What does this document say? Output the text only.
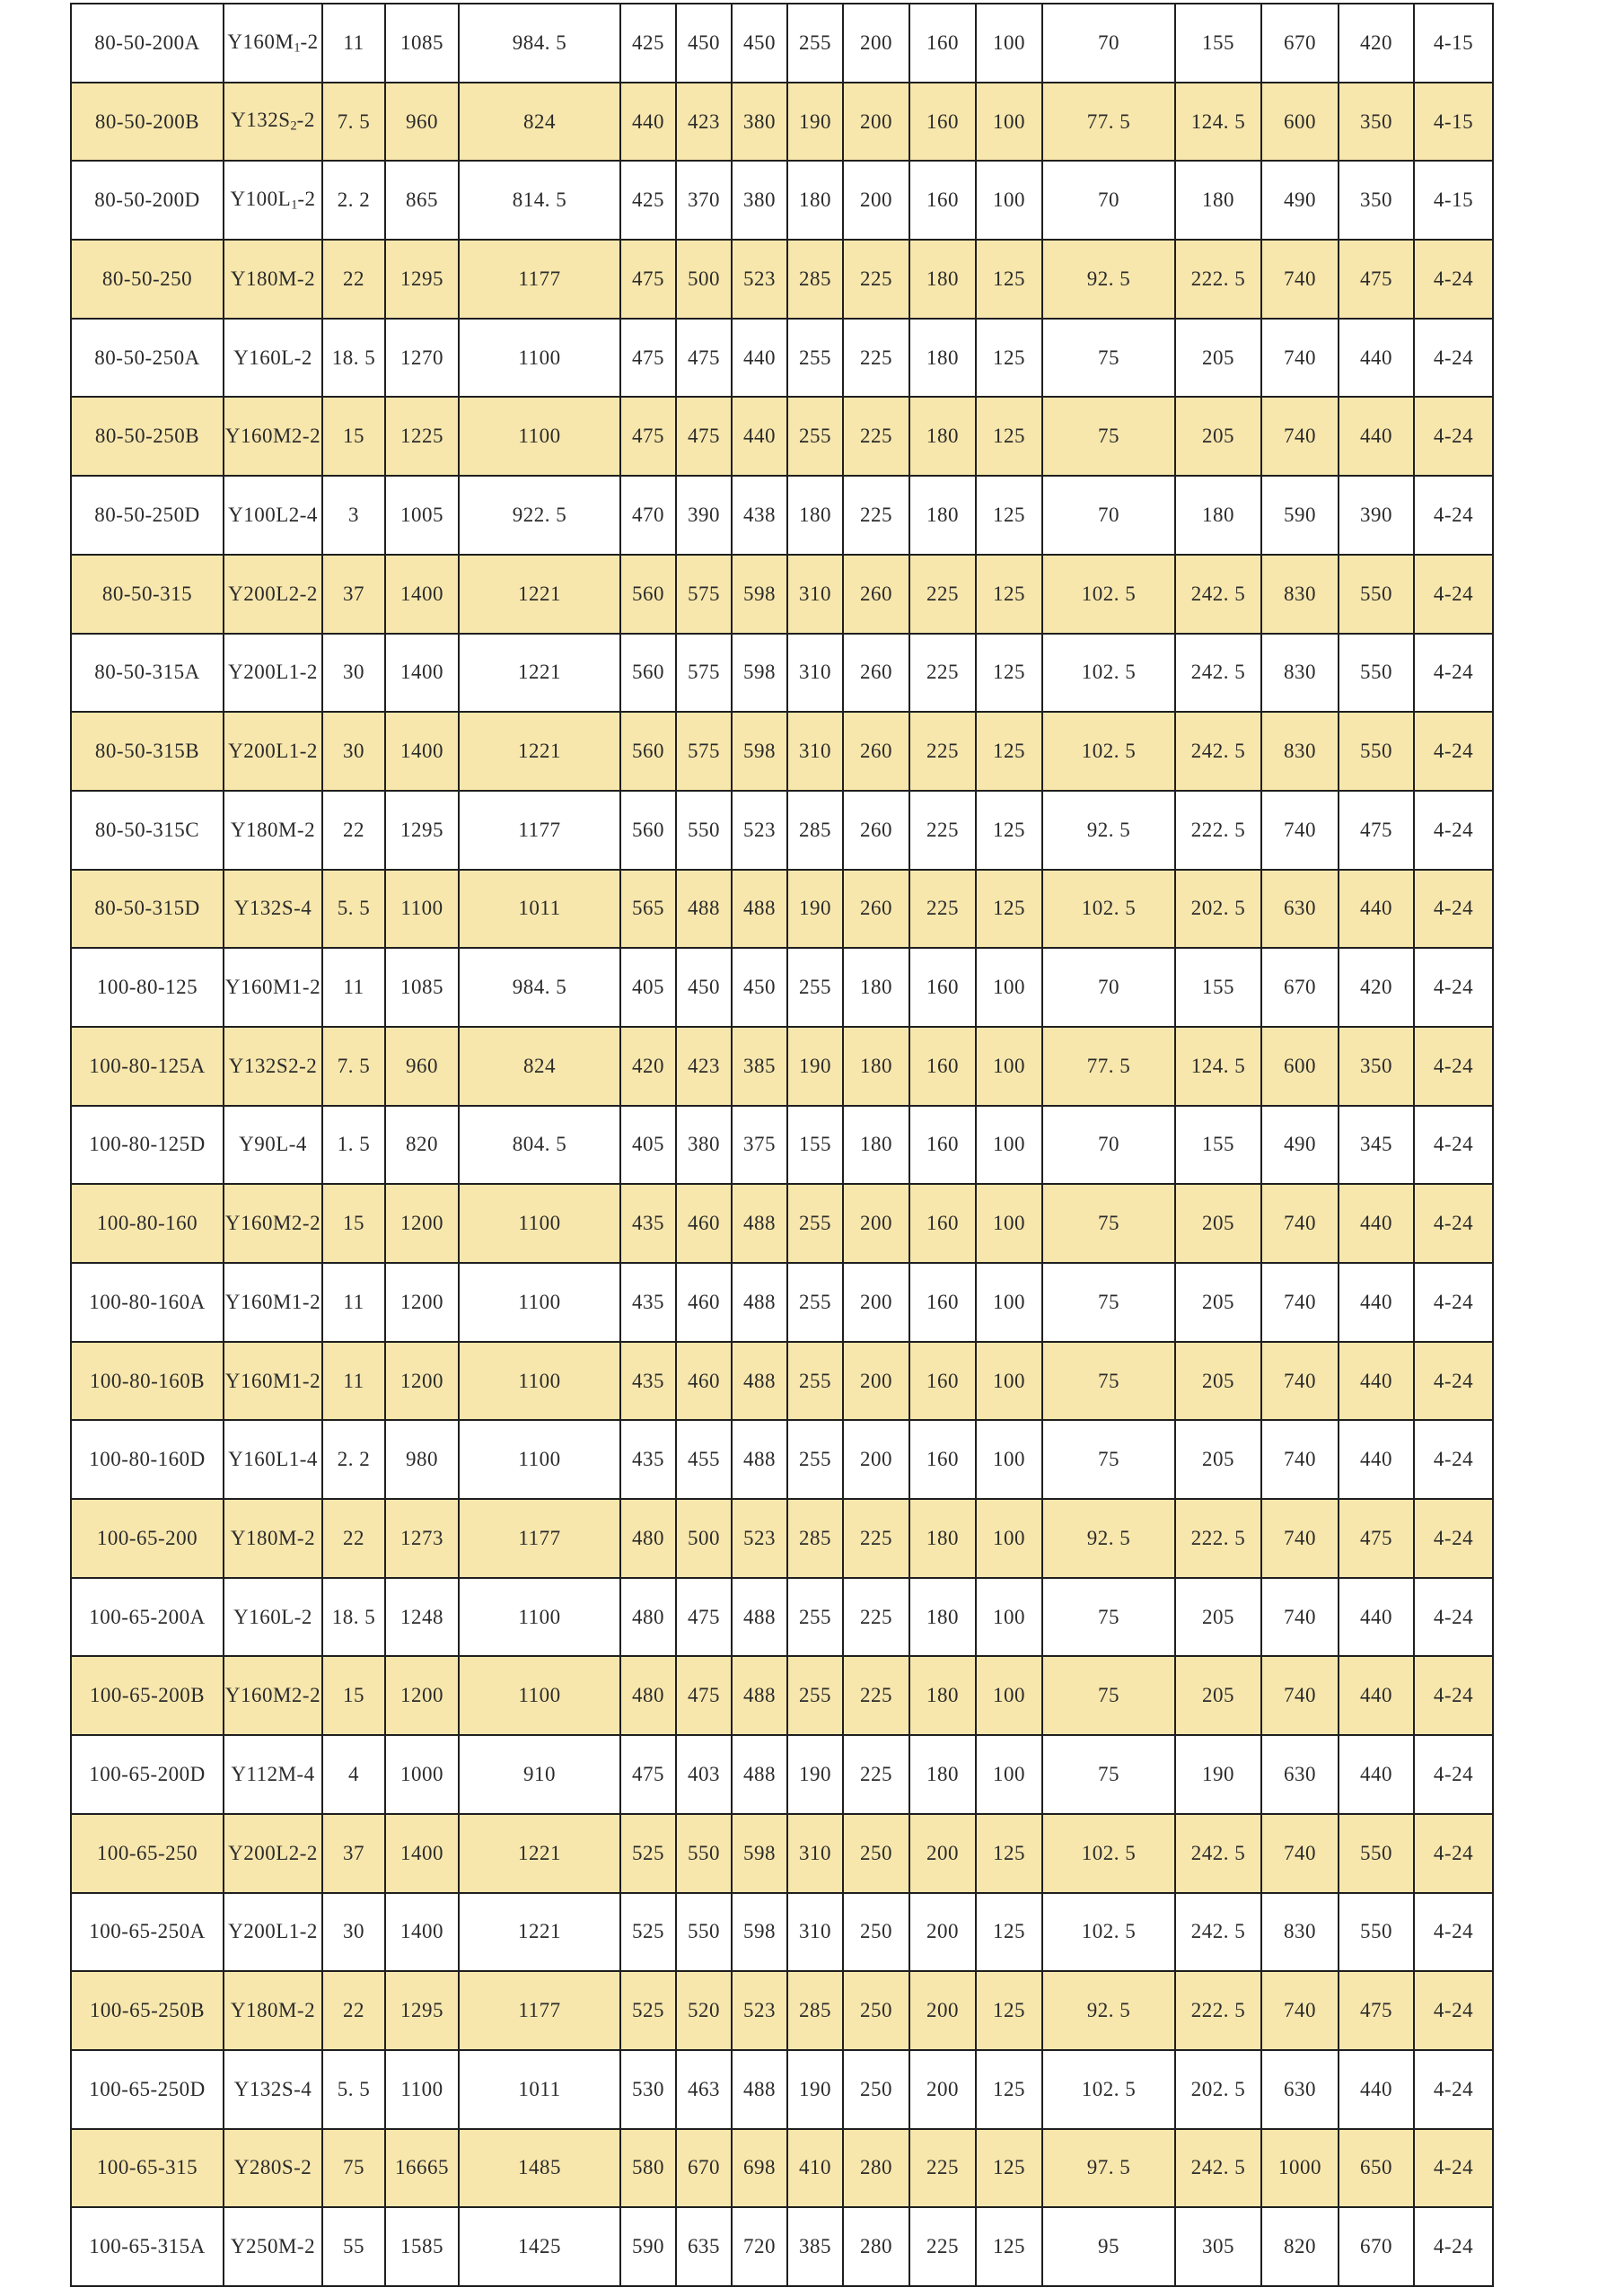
80-50-200A	$Y160M_1-2$	11	1085	984. 5	425	450	450	255	200	160	100	70	155	670	420	4-15
80-50-200B	$Y132S_2-2$	7. 5	960	824	440	423	380	190	200	160	100	77. 5	124. 5	600	350	4-15
80-50-200D	$Y100L_1-2$	2. 2	865	814. 5	425	370	380	180	200	160	100	70	180	490	350	4-15
80-50-250	Y180M-2	22	1295	1177	475	500	523	285	225	180	125	92. 5	222. 5	740	475	4-24
80-50-250A	Y160L-2	18. 5	1270	1100	475	475	440	255	225	180	125	75	205	740	440	4-24
80-50-250B	Y160M2-2	15	1225	1100	475	475	440	255	225	180	125	75	205	740	440	4-24
80-50-250D	Y100L2-4	3	1005	922. 5	470	390	438	180	225	180	125	70	180	590	390	4-24
80-50-315	Y200L2-2	37	1400	1221	560	575	598	310	260	225	125	102. 5	242. 5	830	550	4-24
80-50-315A	Y200L1-2	30	1400	1221	560	575	598	310	260	225	125	102. 5	242. 5	830	550	4-24
80-50-315B	Y200L1-2	30	1400	1221	560	575	598	310	260	225	125	102. 5	242. 5	830	550	4-24
80-50-315C	Y180M-2	22	1295	1177	560	550	523	285	260	225	125	92. 5	222. 5	740	475	4-24
80-50-315D	Y132S-4	5. 5	1100	1011	565	488	488	190	260	225	125	102. 5	202. 5	630	440	4-24
100-80-125	Y160M1-2	11	1085	984. 5	405	450	450	255	180	160	100	70	155	670	420	4-24
100-80-125A	Y132S2-2	7. 5	960	824	420	423	385	190	180	160	100	77. 5	124. 5	600	350	4-24
100-80-125D	Y90L-4	1. 5	820	804. 5	405	380	375	155	180	160	100	70	155	490	345	4-24
100-80-160	Y160M2-2	15	1200	1100	435	460	488	255	200	160	100	75	205	740	440	4-24
100-80-160A	Y160M1-2	11	1200	1100	435	460	488	255	200	160	100	75	205	740	440	4-24
100-80-160B	Y160M1-2	11	1200	1100	435	460	488	255	200	160	100	75	205	740	440	4-24
100-80-160D	Y160L1-4	2. 2	980	1100	435	455	488	255	200	160	100	75	205	740	440	4-24
100-65-200	Y180M-2	22	1273	1177	480	500	523	285	225	180	100	92. 5	222. 5	740	475	4-24
100-65-200A	Y160L-2	18. 5	1248	1100	480	475	488	255	225	180	100	75	205	740	440	4-24
100-65-200B	Y160M2-2	15	1200	1100	480	475	488	255	225	180	100	75	205	740	440	4-24
100-65-200D	Y112M-4	4	1000	910	475	403	488	190	225	180	100	75	190	630	440	4-24
100-65-250	Y200L2-2	37	1400	1221	525	550	598	310	250	200	125	102. 5	242. 5	740	550	4-24
100-65-250A	Y200L1-2	30	1400	1221	525	550	598	310	250	200	125	102. 5	242. 5	830	550	4-24
100-65-250B	Y180M-2	22	1295	1177	525	520	523	285	250	200	125	92. 5	222. 5	740	475	4-24
100-65-250D	Y132S-4	5. 5	1100	1011	530	463	488	190	250	200	125	102. 5	202. 5	630	440	4-24
100-65-315	Y280S-2	75	16665	1485	580	670	698	410	280	225	125	97. 5	242. 5	1000	650	4-24
100-65-315A	Y250M-2	55	1585	1425	590	635	720	385	280	225	125	95	305	820	670	4-24
